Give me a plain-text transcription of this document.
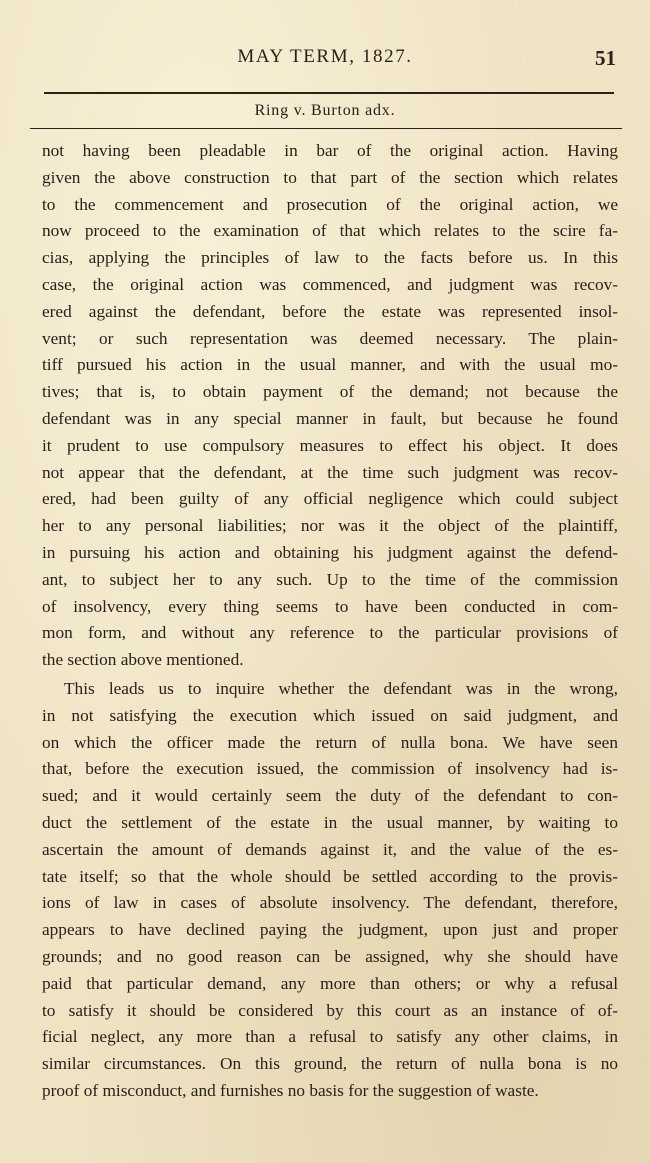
MAY TERM, 1827.	51
Ring v. Burton adx.
not having been pleadable in bar of the original action. Having
given the above construction to that part of the section which relates
to the commencement and prosecution of the original action, we
now proceed to the examination of that which relates to the scire fa-
cias, applying the principles of law to the facts before us. In this
case, the original action was commenced, and judgment was recov-
ered against the defendant, before the estate was represented insol-
vent; or such representation was deemed necessary. The plain-
tiff pursued his action in the usual manner, and with the usual mo-
tives; that is, to obtain payment of the demand; not because the
defendant was in any special manner in fault, but because he found
it prudent to use compulsory measures to effect his object. It does
not appear that the defendant, at the time such judgment was recov-
ered, had been guilty of any official negligence which could subject
her to any personal liabilities; nor was it the object of the plaintiff,
in pursuing his action and obtaining his judgment against the defend-
ant, to subject her to any such. Up to the time of the commission
of insolvency, every thing seems to have been conducted in com-
mon form, and without any reference to the particular provisions of
the section above mentioned.
This leads us to inquire whether the defendant was in the wrong,
in not satisfying the execution which issued on said judgment, and
on which the officer made the return of nulla bona. We have seen
that, before the execution issued, the commission of insolvency had is-
sued; and it would certainly seem the duty of the defendant to con-
duct the settlement of the estate in the usual manner, by waiting to
ascertain the amount of demands against it, and the value of the es-
tate itself; so that the whole should be settled according to the provis-
ions of law in cases of absolute insolvency. The defendant, therefore,
appears to have declined paying the judgment, upon just and proper
grounds; and no good reason can be assigned, why she should have
paid that particular demand, any more than others; or why a refusal
to satisfy it should be considered by this court as an instance of of-
ficial neglect, any more than a refusal to satisfy any other claims, in
similar circumstances. On this ground, the return of nulla bona is no
proof of misconduct, and furnishes no basis for the suggestion of waste.
